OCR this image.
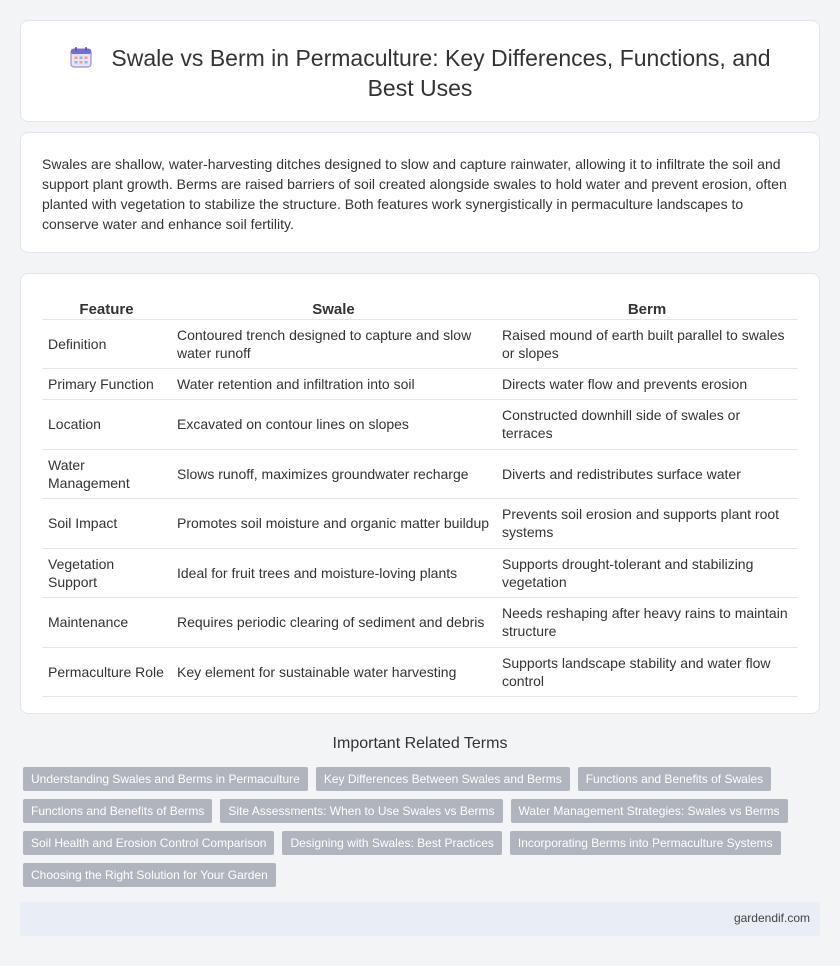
Swale vs Berm in Permaculture: Key Differences, Functions, and Best Uses

Swales are shallow, water-harvesting ditches designed to slow and capture rainwater, allowing it to infiltrate the soil and support plant growth. Berms are raised barriers of soil created alongside swales to hold water and prevent erosion, often planted with vegetation to stabilize the structure. Both features work synergistically in permaculture landscapes to conserve water and enhance soil fertility.

Feature	Swale	Berm
Definition	Contoured trench designed to capture and slow water runoff	Raised mound of earth built parallel to swales or slopes
Primary Function	Water retention and infiltration into soil	Directs water flow and prevents erosion
Location	Excavated on contour lines on slopes	Constructed downhill side of swales or terraces
Water Management	Slows runoff, maximizes groundwater recharge	Diverts and redistributes surface water
Soil Impact	Promotes soil moisture and organic matter buildup	Prevents soil erosion and supports plant root systems
Vegetation Support	Ideal for fruit trees and moisture-loving plants	Supports drought-tolerant and stabilizing vegetation
Maintenance	Requires periodic clearing of sediment and debris	Needs reshaping after heavy rains to maintain structure
Permaculture Role	Key element for sustainable water harvesting	Supports landscape stability and water flow control
Important Related Terms
Understanding Swales and Berms in Permaculture	Key Differences Between Swales and Berms	Functions and Benefits of Swales
Functions and Benefits of Berms	Site Assessments: When to Use Swales vs Berms	Water Management Strategies: Swales vs Berms
Soil Health and Erosion Control Comparison	Designing with Swales: Best Practices	Incorporating Berms into Permaculture Systems
Choosing the Right Solution for Your Garden
gardendif.com
